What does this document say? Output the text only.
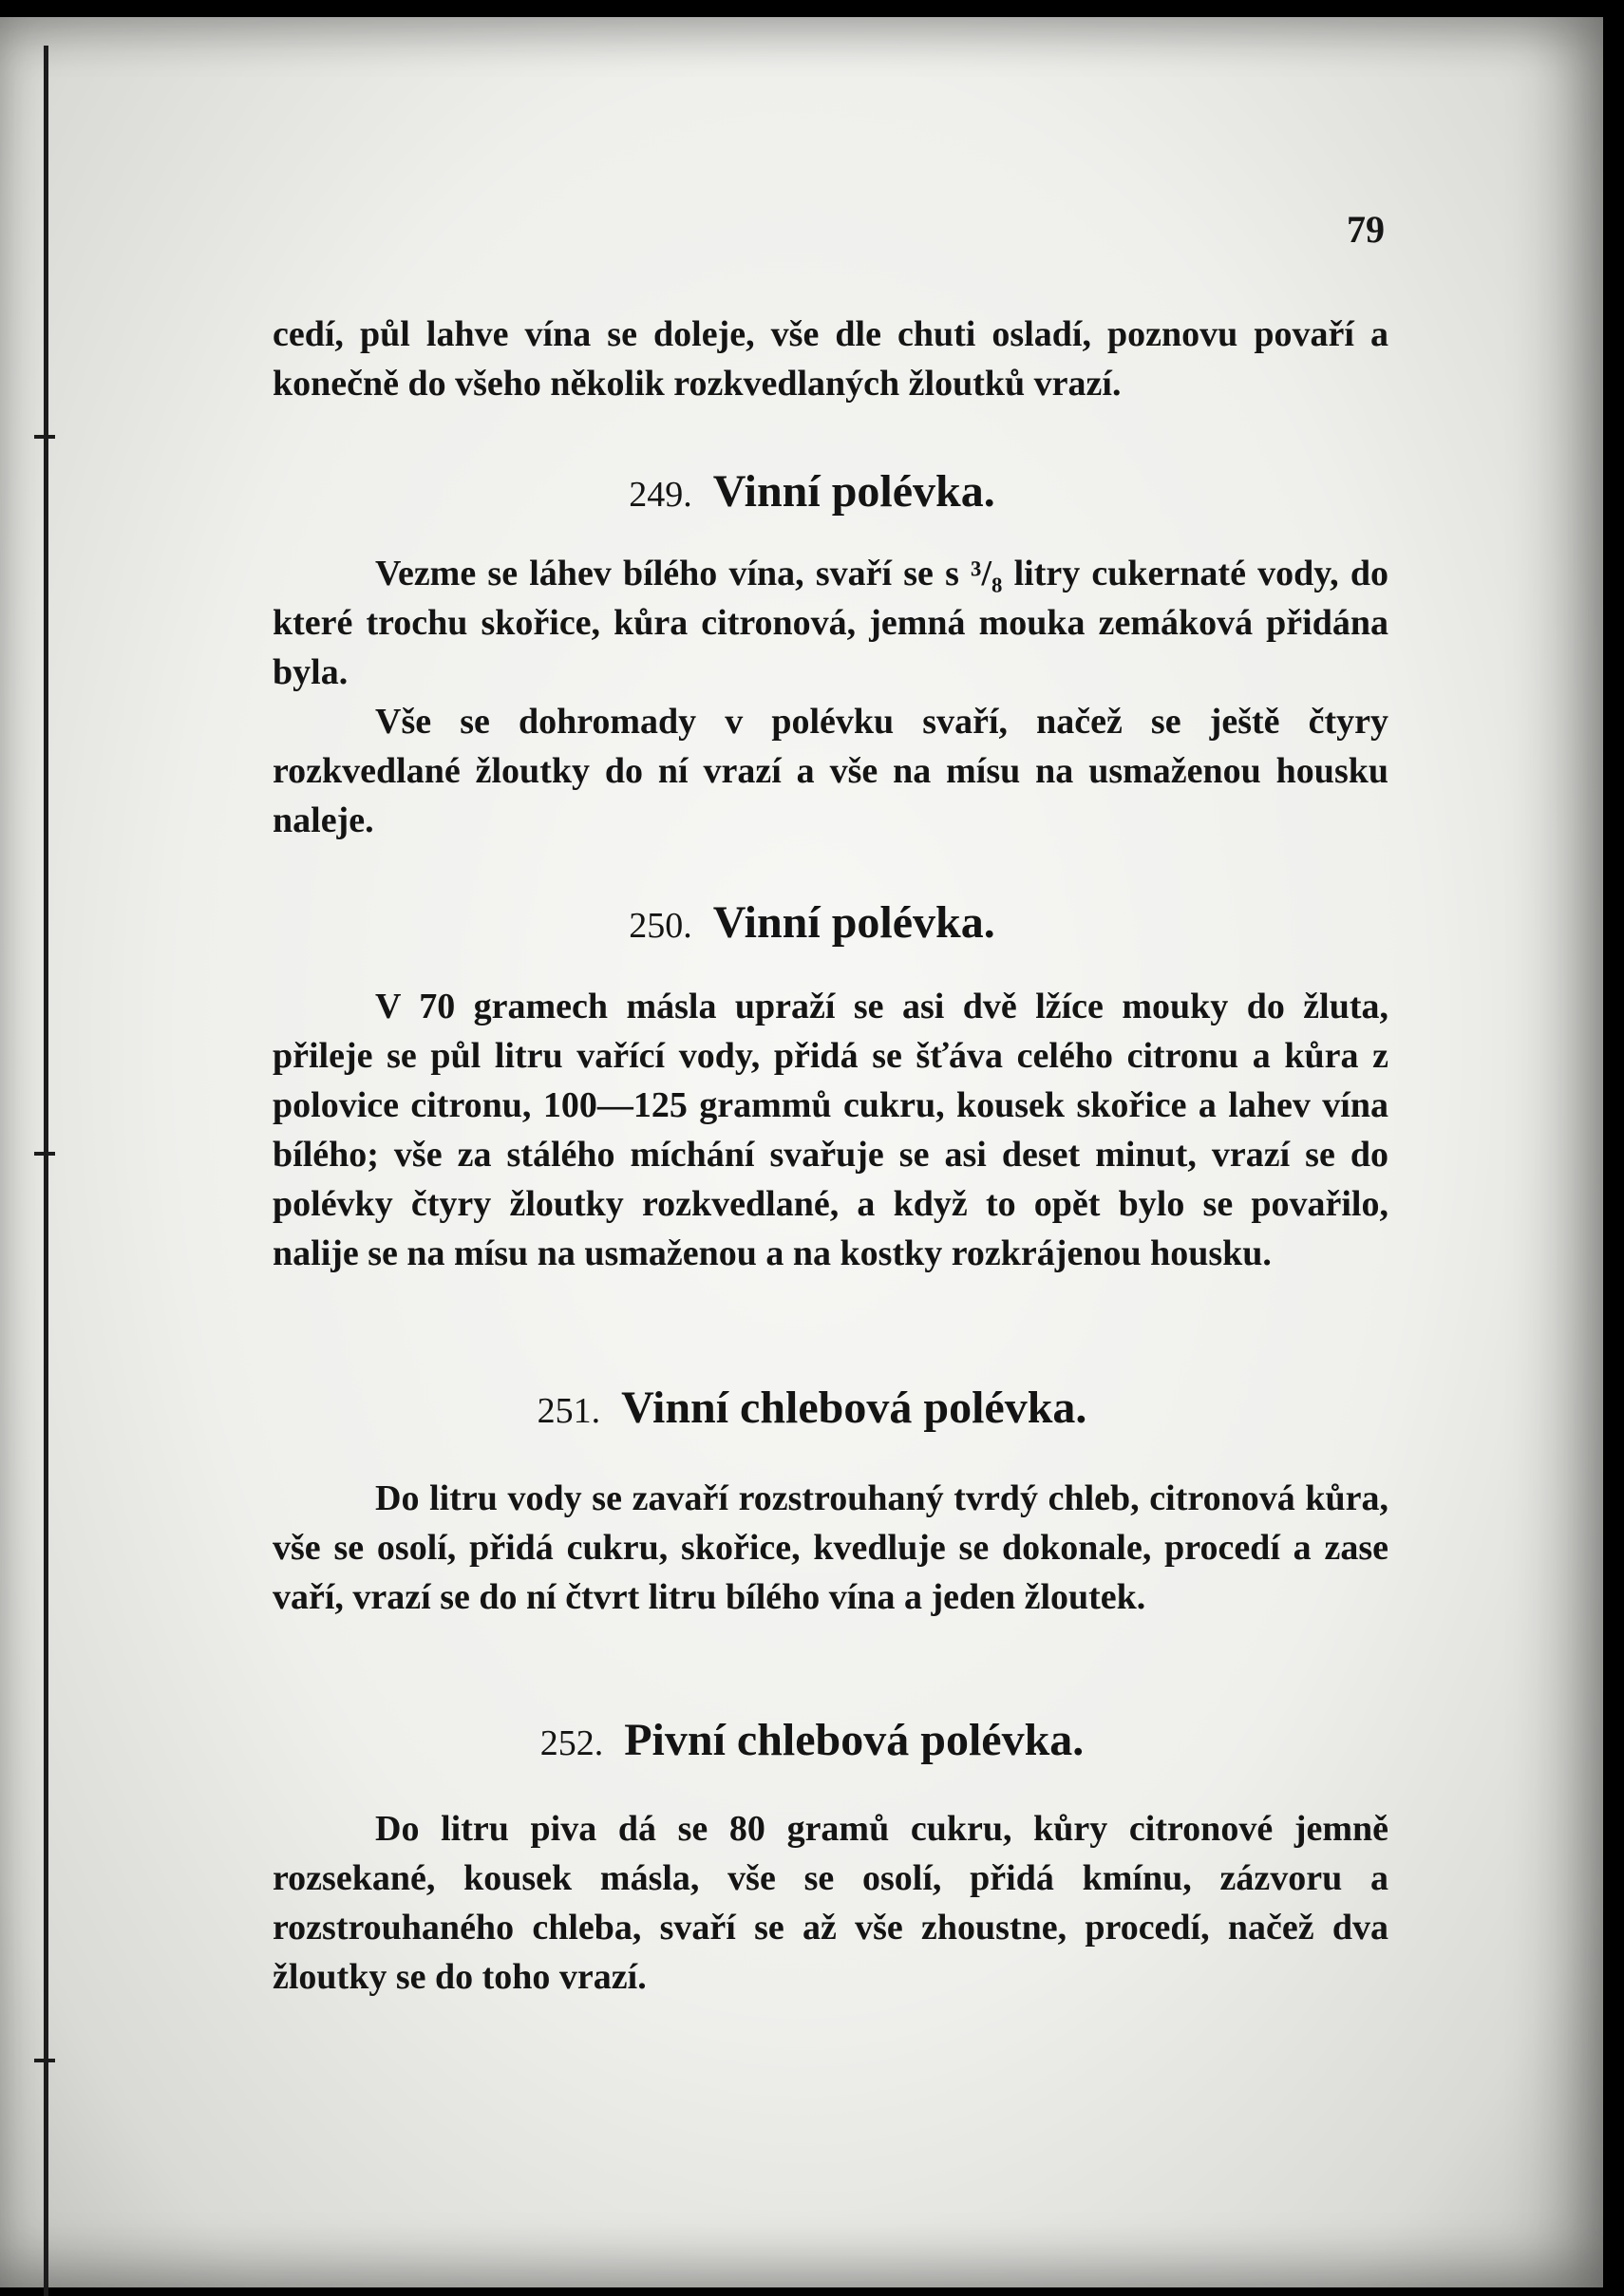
79

cedí, půl lahve vína se doleje, vše dle chuti osladí, poznovu povaří a konečně do všeho několik rozkvedlaných žloutků vrazí.

249. Vinní polévka.

Vezme se láhev bílého vína, svaří se s ³/₈ litry cukernaté vody, do které trochu skořice, kůra citronová, jemná mouka zemáková přidána byla.

Vše se dohromady v polévku svaří, načež se ještě čtyry rozkvedlané žloutky do ní vrazí a vše na mísu na usmaženou housku naleje.

250. Vinní polévka.

V 70 gramech másla upraží se asi dvě lžíce mouky do žluta, přileje se půl litru vařící vody, přidá se šťáva celého citronu a kůra z polovice citronu, 100—125 grammů cukru, kousek skořice a lahev vína bílého; vše za stálého míchání svařuje se asi deset minut, vrazí se do polévky čtyry žloutky rozkvedlané, a když to opět bylo se povařilo, nalije se na mísu na usmaženou a na kostky rozkrájenou housku.

251. Vinní chlebová polévka.

Do litru vody se zavaří rozstrouhaný tvrdý chleb, citronová kůra, vše se osolí, přidá cukru, skořice, kvedluje se dokonale, procedí a zase vaří, vrazí se do ní čtvrt litru bílého vína a jeden žloutek.

252. Pivní chlebová polévka.

Do litru piva dá se 80 gramů cukru, kůry citronové jemně rozsekané, kousek másla, vše se osolí, přidá kmínu, zázvoru a rozstrouhaného chleba, svaří se až vše zhoustne, procedí, načež dva žloutky se do toho vrazí.
